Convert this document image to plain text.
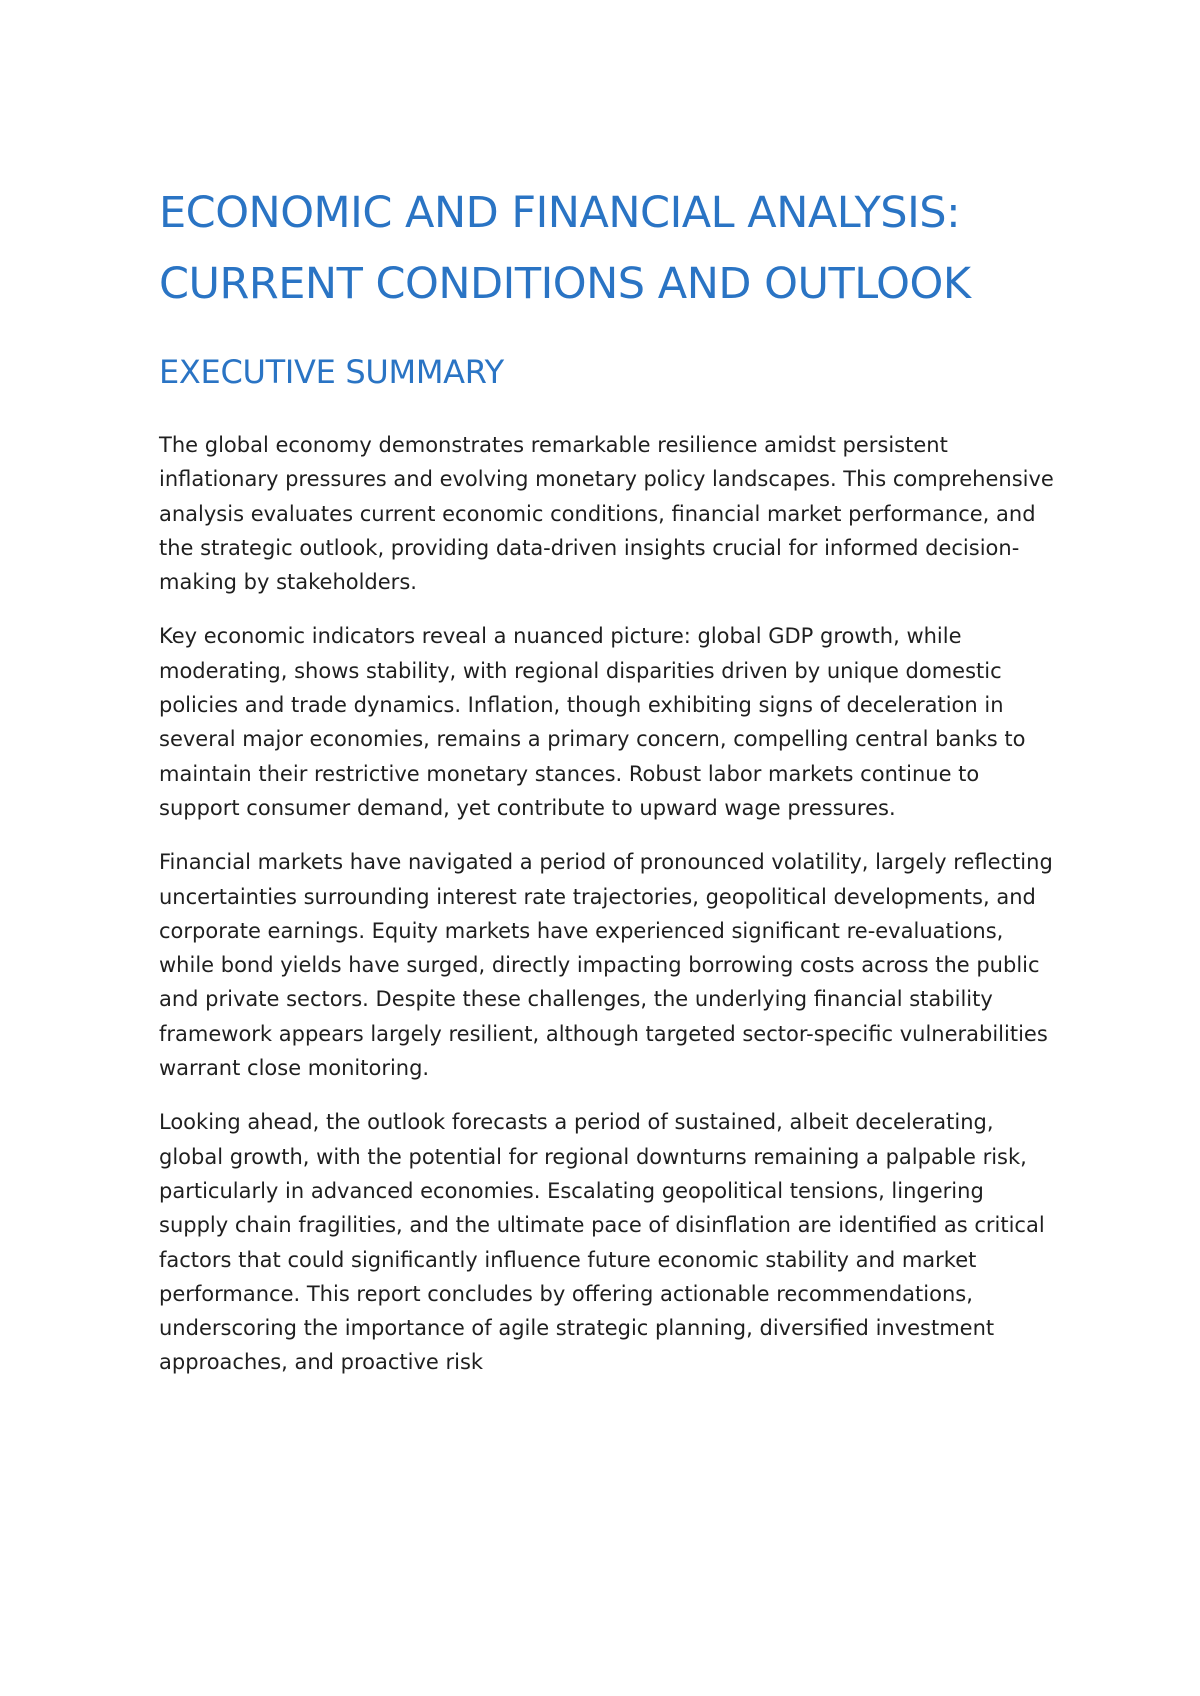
ECONOMIC AND FINANCIAL ANALYSIS: CURRENT CONDITIONS AND OUTLOOK
EXECUTIVE SUMMARY

The global economy demonstrates remarkable resilience amidst persistent inflationary pressures and evolving monetary policy landscapes. This comprehensive analysis evaluates current economic conditions, financial market performance, and the strategic outlook, providing data-driven insights crucial for informed decision-making by stakeholders.

Key economic indicators reveal a nuanced picture: global GDP growth, while moderating, shows stability, with regional disparities driven by unique domestic policies and trade dynamics. Inflation, though exhibiting signs of deceleration in several major economies, remains a primary concern, compelling central banks to maintain their restrictive monetary stances. Robust labor markets continue to support consumer demand, yet contribute to upward wage pressures.

Financial markets have navigated a period of pronounced volatility, largely reflecting uncertainties surrounding interest rate trajectories, geopolitical developments, and corporate earnings. Equity markets have experienced significant re-evaluations, while bond yields have surged, directly impacting borrowing costs across the public and private sectors. Despite these challenges, the underlying financial stability framework appears largely resilient, although targeted sector-specific vulnerabilities warrant close monitoring.

Looking ahead, the outlook forecasts a period of sustained, albeit decelerating, global growth, with the potential for regional downturns remaining a palpable risk, particularly in advanced economies. Escalating geopolitical tensions, lingering supply chain fragilities, and the ultimate pace of disinflation are identified as critical factors that could significantly influence future economic stability and market performance. This report concludes by offering actionable recommendations, underscoring the importance of agile strategic planning, diversified investment approaches, and proactive risk
